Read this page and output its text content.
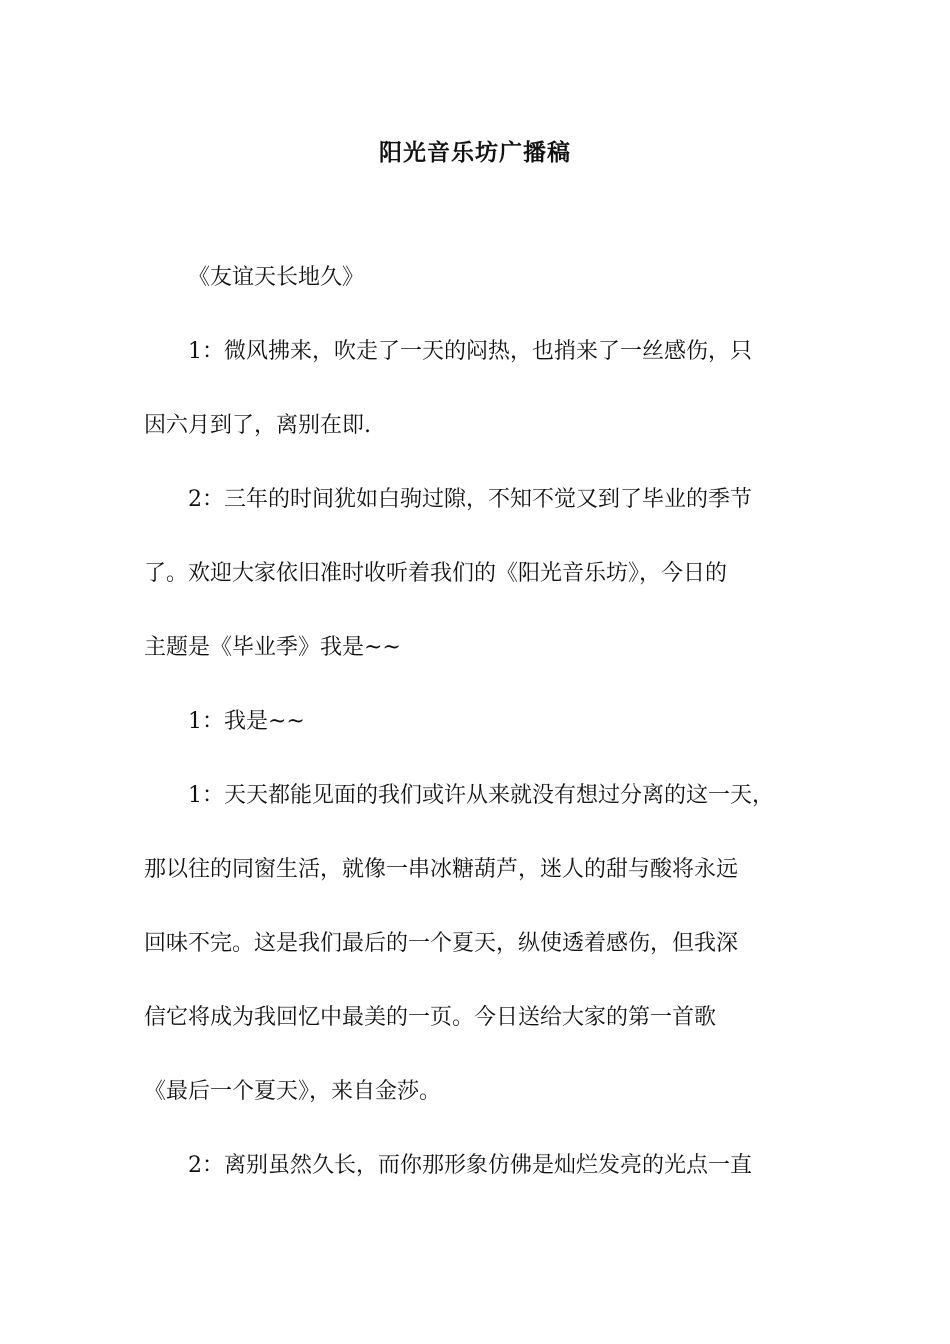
阳光音乐坊广播稿
《友谊天长地久》
1：微风拂来，吹走了一天的闷热，也捎来了一丝感伤，只
因六月到了，离别在即.
2：三年的时间犹如白驹过隙，不知不觉又到了毕业的季节
了。欢迎大家依旧准时收听着我们的《阳光音乐坊》，今日的
主题是《毕业季》我是~~
1：我是~~
1：天天都能见面的我们或许从来就没有想过分离的这一天，
那以往的同窗生活，就像一串冰糖葫芦，迷人的甜与酸将永远
回味不完。这是我们最后的一个夏天，纵使透着感伤，但我深
信它将成为我回忆中最美的一页。今日送给大家的第一首歌
《最后一个夏天》，来自金莎。
2：离别虽然久长，而你那形象仿佛是灿烂发亮的光点一直
